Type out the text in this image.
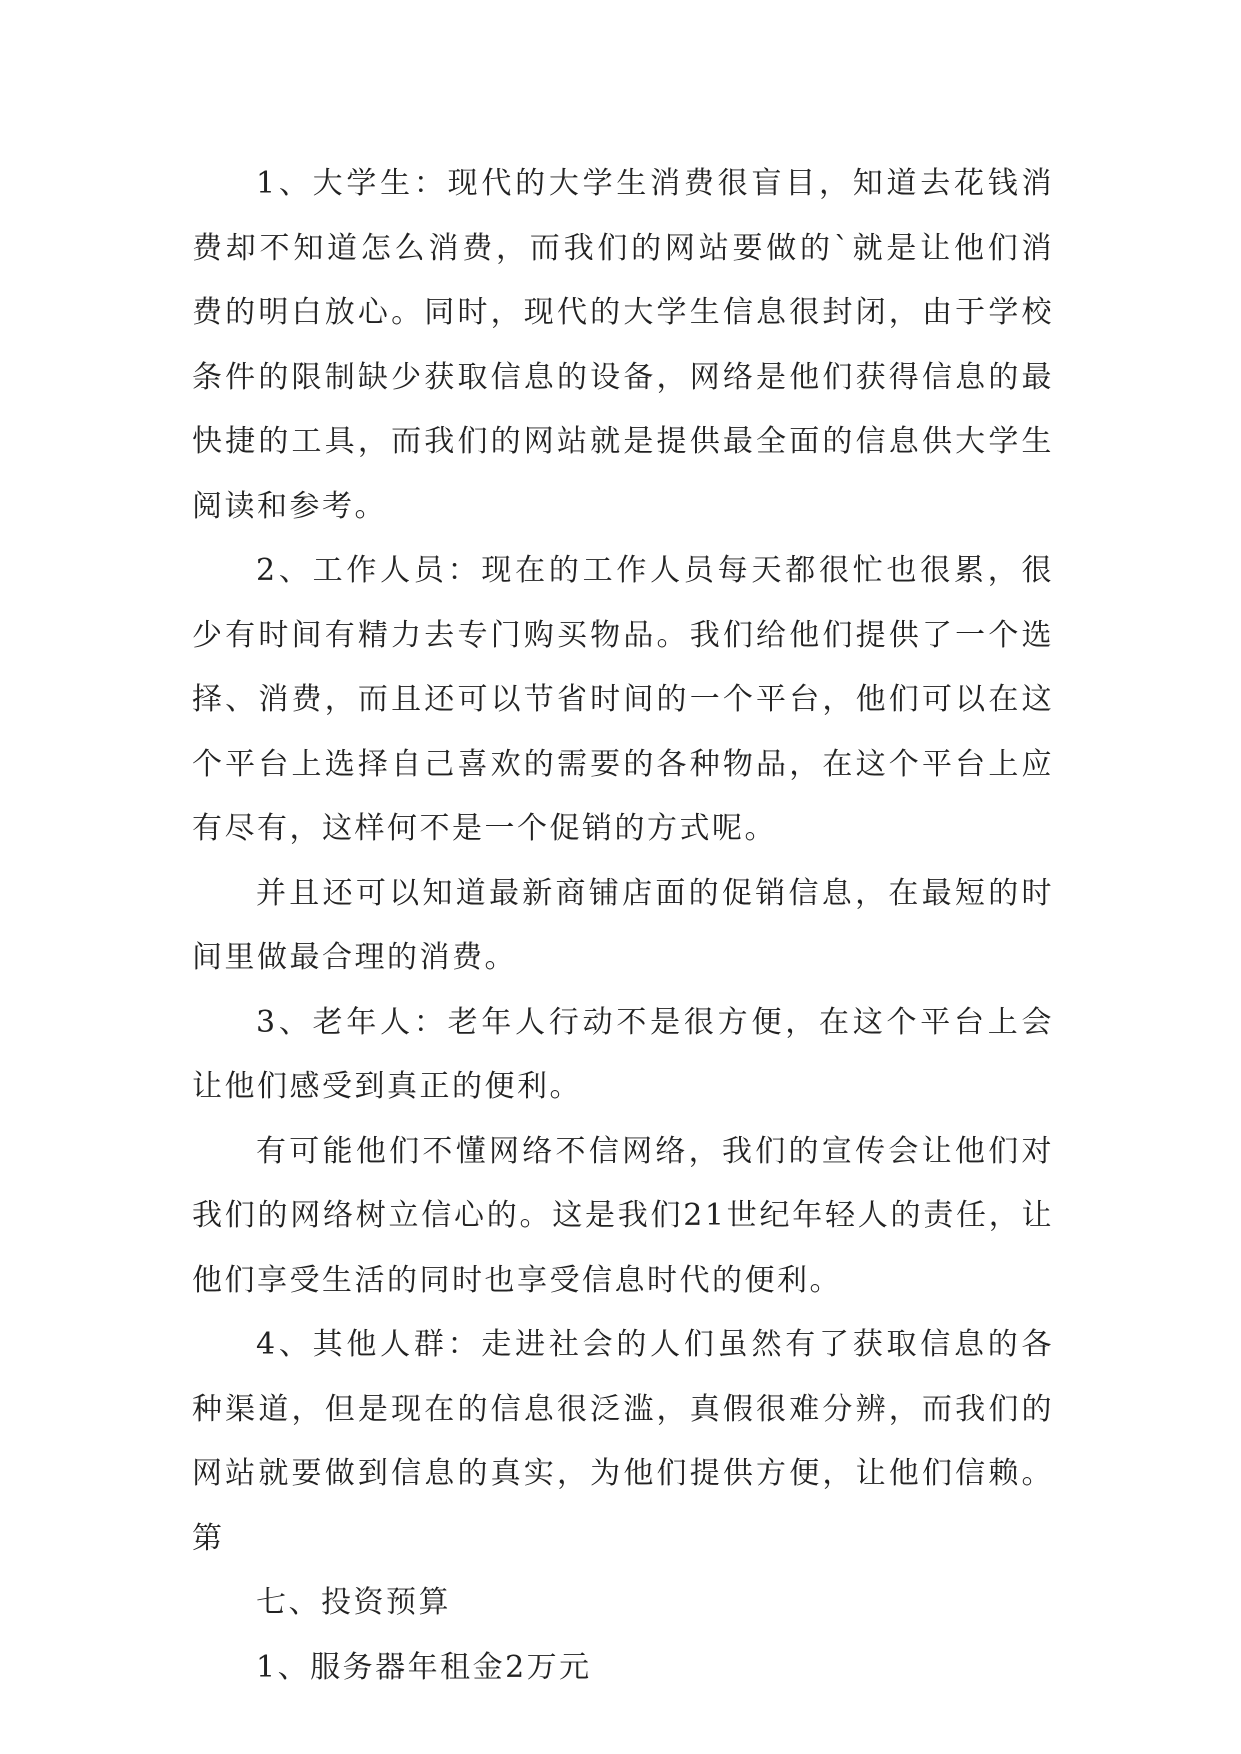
1、大学生：现代的大学生消费很盲目，知道去花钱消费却不知道怎么消费，而我们的网站要做的`就是让他们消费的明白放心。同时，现代的大学生信息很封闭，由于学校条件的限制缺少获取信息的设备，网络是他们获得信息的最快捷的工具，而我们的网站就是提供最全面的信息供大学生阅读和参考。

2、工作人员：现在的工作人员每天都很忙也很累，很少有时间有精力去专门购买物品。我们给他们提供了一个选择、消费，而且还可以节省时间的一个平台，他们可以在这个平台上选择自己喜欢的需要的各种物品，在这个平台上应有尽有，这样何不是一个促销的方式呢。

并且还可以知道最新商铺店面的促销信息，在最短的时间里做最合理的消费。

3、老年人：老年人行动不是很方便，在这个平台上会让他们感受到真正的便利。

有可能他们不懂网络不信网络，我们的宣传会让他们对我们的网络树立信心的。这是我们21世纪年轻人的责任，让他们享受生活的同时也享受信息时代的便利。

4、其他人群：走进社会的人们虽然有了获取信息的各种渠道，但是现在的信息很泛滥，真假很难分辨，而我们的网站就要做到信息的真实，为他们提供方便，让他们信赖。第

七、投资预算

1、服务器年租金2万元
